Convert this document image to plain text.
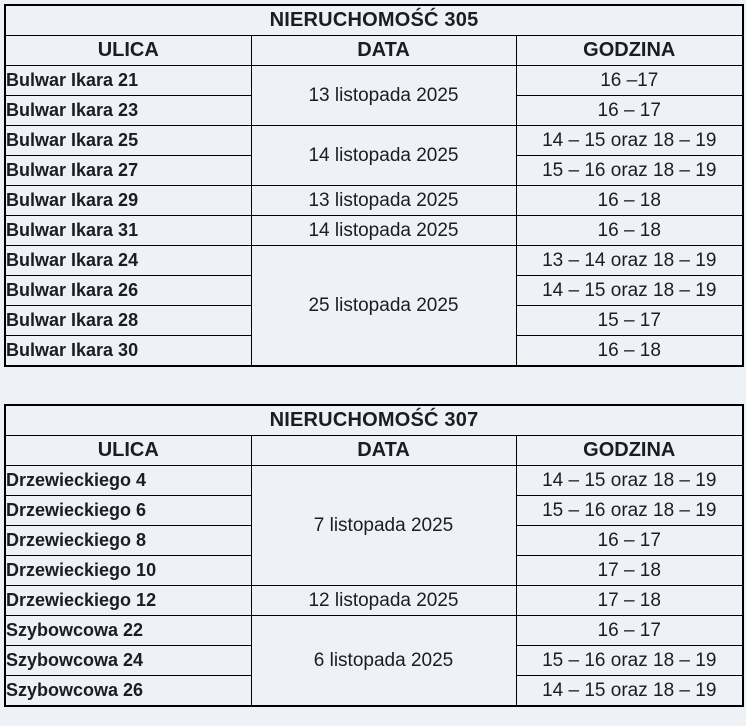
NIERUCHOMOŚĆ 305		
ULICA	DATA	GODZINA
Bulwar Ikara 21	13 listopada 2025	16 –17
Bulwar Ikara 23		16 – 17
Bulwar Ikara 25	14 listopada 2025	14 – 15 oraz 18 – 19
Bulwar Ikara 27		15 – 16 oraz 18 – 19
Bulwar Ikara 29	13 listopada 2025	16 – 18
Bulwar Ikara 31	14 listopada 2025	16 – 18
Bulwar Ikara 24	25 listopada 2025	13 – 14 oraz 18 – 19
Bulwar Ikara 26		14 – 15 oraz 18 – 19
Bulwar Ikara 28		15 – 17
Bulwar Ikara 30		16 – 18
NIERUCHOMOŚĆ 307		
ULICA	DATA	GODZINA
Drzewieckiego 4	7 listopada 2025	14 – 15 oraz 18 – 19
Drzewieckiego 6		15 – 16 oraz 18 – 19
Drzewieckiego 8		16 – 17
Drzewieckiego 10		17 – 18
Drzewieckiego 12	12 listopada 2025	17 – 18
Szybowcowa 22	6 listopada 2025	16 – 17
Szybowcowa 24		15 – 16 oraz 18 – 19
Szybowcowa 26		14 – 15 oraz 18 – 19
